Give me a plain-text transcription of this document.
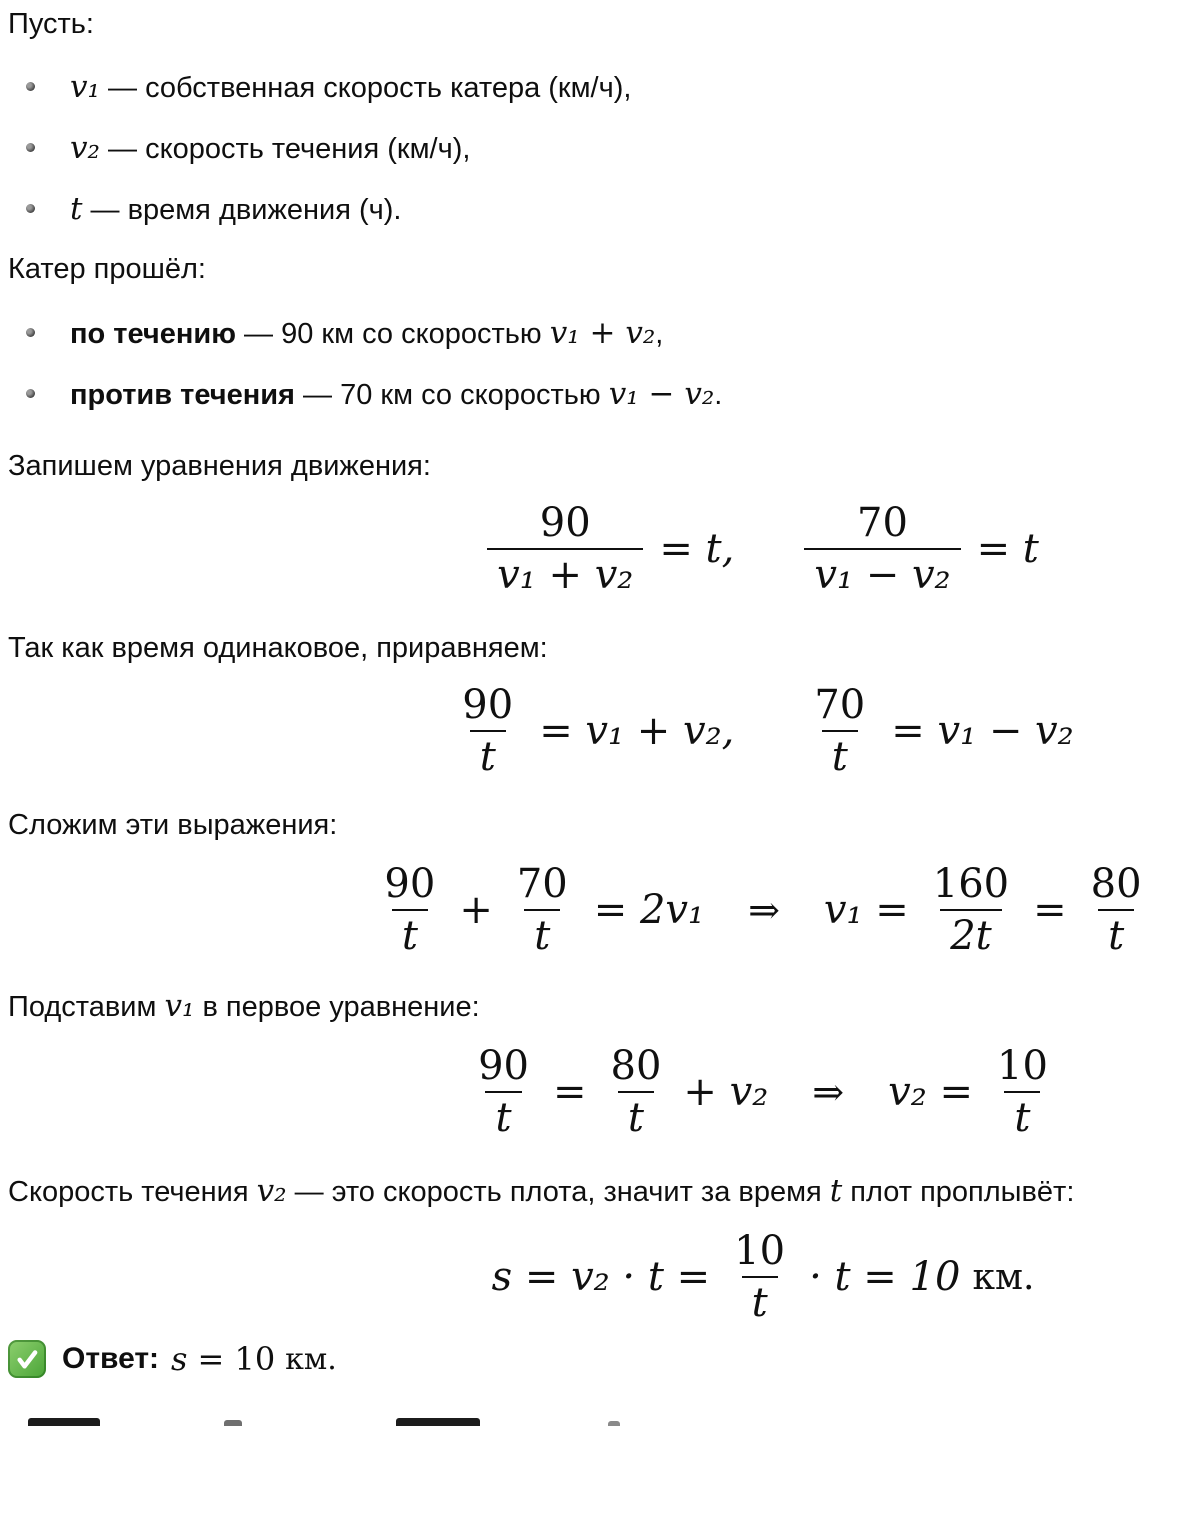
Пусть:

v₁ — собственная скорость катера (км/ч),
v₂ — скорость течения (км/ч),
t — время движения (ч).

Катер прошёл:

по течению — 90 км со скоростью v₁ + v₂,
против течения — 70 км со скоростью v₁ − v₂.

Запишем уравнения движения:

$\frac{90}{\text{v₁ + v₂}} = t$, $\frac{70}{\text{v₁ − v₂}} = t$

Так как время одинаковое, приравняем:

$\frac{90}{t} = v_1 + v_2$, $\frac{70}{t} = v_1 - v_2$

Сложим эти выражения:

$\frac{90}{t} + \frac{70}{t} = 2v_1$ ⇒ $v_1 = \frac{160}{2t} = \frac{80}{t}$

Подставим v₁ в первое уравнение:

$\frac{90}{t} = \frac{80}{t} + v_2$ ⇒ $v_2 = \frac{10}{t}$

Скорость течения v₂ — это скорость плота, значит за время t плот проплывёт:

$s = v_2 \cdot t = \frac{10}{t} \cdot t = 10$ км.
Ответ: s = 10 км.
